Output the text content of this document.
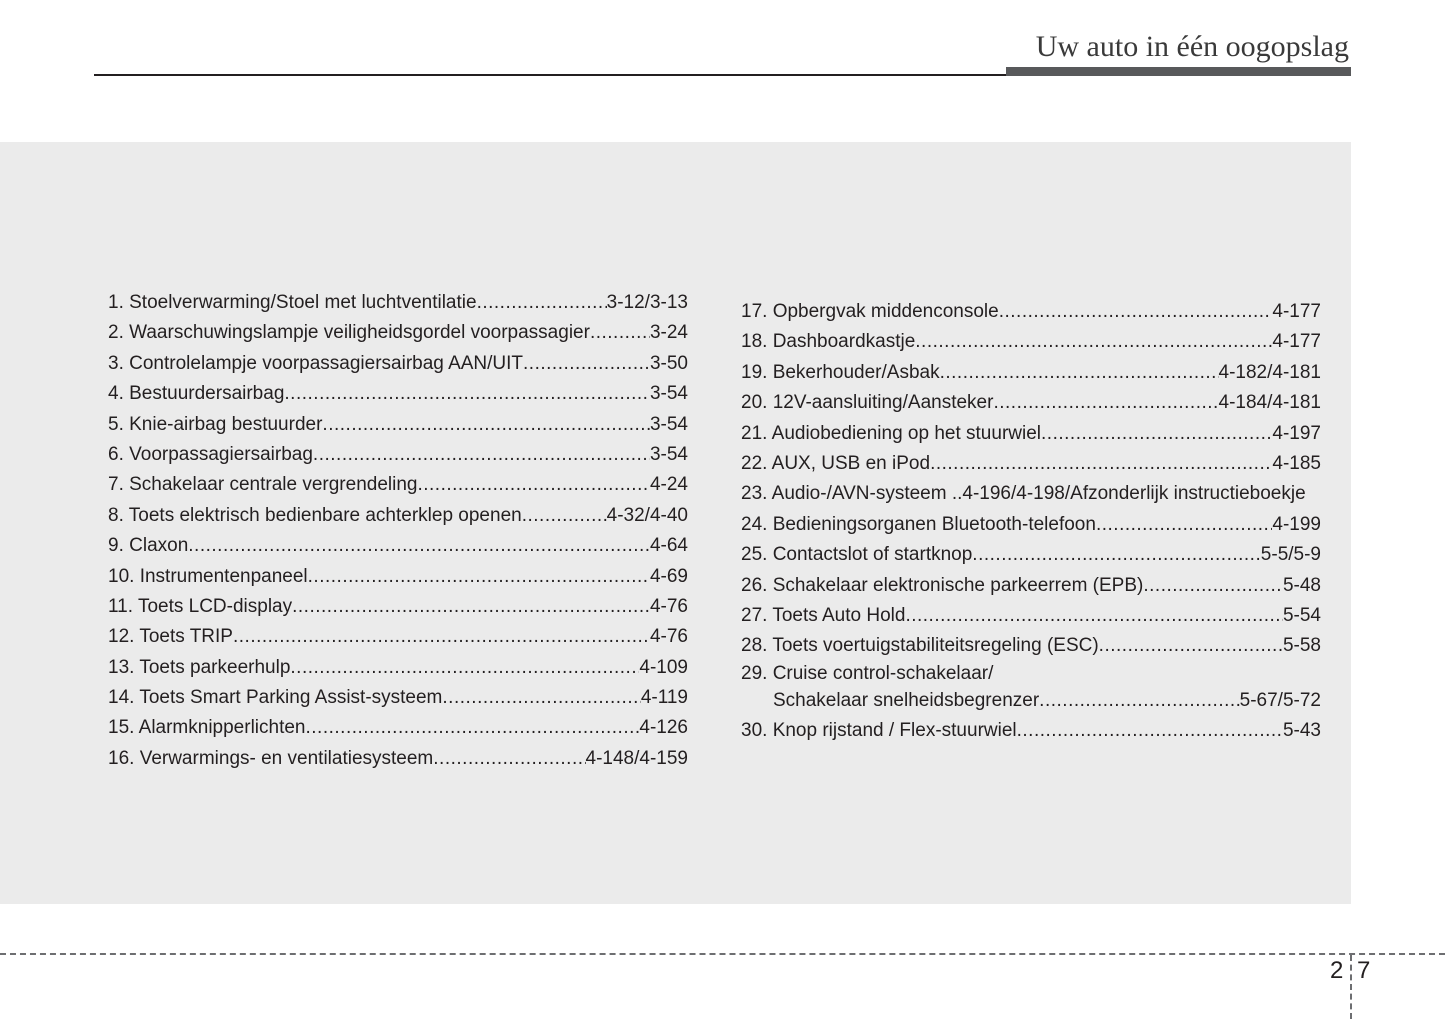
Uw auto in één oogopslag
1. Stoelverwarming/Stoel met luchtventilatie .....	3-12/3-13
2. Waarschuwingslampje veiligheidsgordel voorpassagier .....	3-24
3. Controlelampje voorpassagiersairbag AAN/UIT .....	3-50
4. Bestuurdersairbag .....	3-54
5. Knie-airbag bestuurder .....	3-54
6. Voorpassagiersairbag .....	3-54
7. Schakelaar centrale vergrendeling .....	4-24
8. Toets elektrisch bedienbare achterklep openen .....	4-32/4-40
9. Claxon .....	4-64
10. Instrumentenpaneel .....	4-69
11. Toets LCD-display .....	4-76
12. Toets TRIP .....	4-76
13. Toets parkeerhulp .....	4-109
14. Toets Smart Parking Assist-systeem .....	4-119
15. Alarmknipperlichten .....	4-126
16. Verwarmings- en ventilatiesysteem .....	4-148/4-159
17. Opbergvak middenconsole .....	4-177
18. Dashboardkastje .....	4-177
19. Bekerhouder/Asbak .....	4-182/4-181
20. 12V-aansluiting/Aansteker .....	4-184/4-181
21. Audiobediening op het stuurwiel .....	4-197
22. AUX, USB en iPod .....	4-185
23. Audio-/AVN-systeem ..4-196/4-198/Afzonderlijk instructieboekje
24. Bedieningsorganen Bluetooth-telefoon .....	4-199
25. Contactslot of startknop .....	5-5/5-9
26. Schakelaar elektronische parkeerrem (EPB) .....	5-48
27. Toets Auto Hold .....	5-54
28. Toets voertuigstabiliteitsregeling (ESC) .....	5-58
29. Cruise control-schakelaar/
Schakelaar snelheidsbegrenzer .....	5-67/5-72
30. Knop rijstand / Flex-stuurwiel .....	5-43
2 7
